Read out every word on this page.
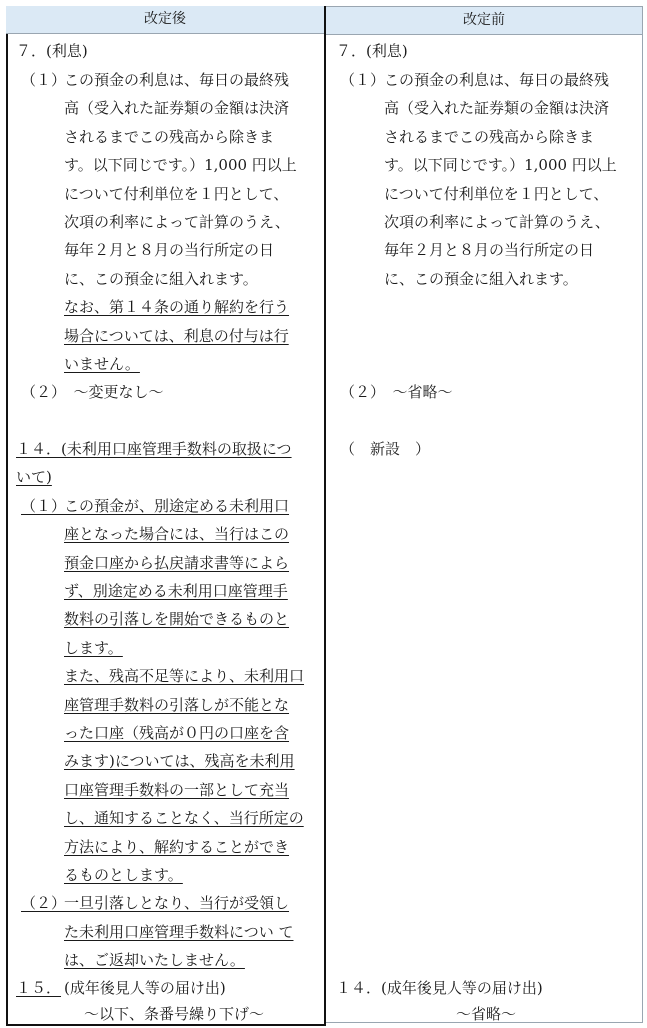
改定後	改定前
７．(利息)
（１）
この預金の利息は、毎日の最終残
高（受入れた証券類の金額は決済
されるまでこの残高から除きま
す。以下同じです。）1,000 円以上
について付利単位を１円として、
次項の利率によって計算のうえ、
毎年２月と８月の当行所定の日
に、この預金に組入れます。
なお、第１４条の通り解約を行う
場合については、利息の付与は行
いません。
（２）　～変更なし～
１４．(未利用口座管理手数料の取扱につ
いて)
（１）
この預金が、別途定める未利用口
座となった場合には、当行はこの
預金口座から払戻請求書等によら
ず、別途定める未利用口座管理手
数料の引落しを開始できるものと
します。
また、残高不足等により、未利用口
座管理手数料の引落しが不能とな
った口座（残高が０円の口座を含
みます)については、残高を未利用
口座管理手数料の一部として充当
し、通知することなく、当行所定の
方法により、解約することができ
るものとします。
（２）
一旦引落しとなり、当行が受領し
た未利用口座管理手数料につい て
は、ご返却いたしません。
１５． (成年後見人等の届け出)
～以下、条番号繰り下げ～
７．(利息)
（１）
この預金の利息は、毎日の最終残
高（受入れた証券類の金額は決済
されるまでこの残高から除きま
す。以下同じです。）1,000 円以上
について付利単位を１円として、
次項の利率によって計算のうえ、
毎年２月と８月の当行所定の日
に、この預金に組入れます。
（２）　～省略～
（　新設　）
１４．(成年後見人等の届け出)
～省略～
